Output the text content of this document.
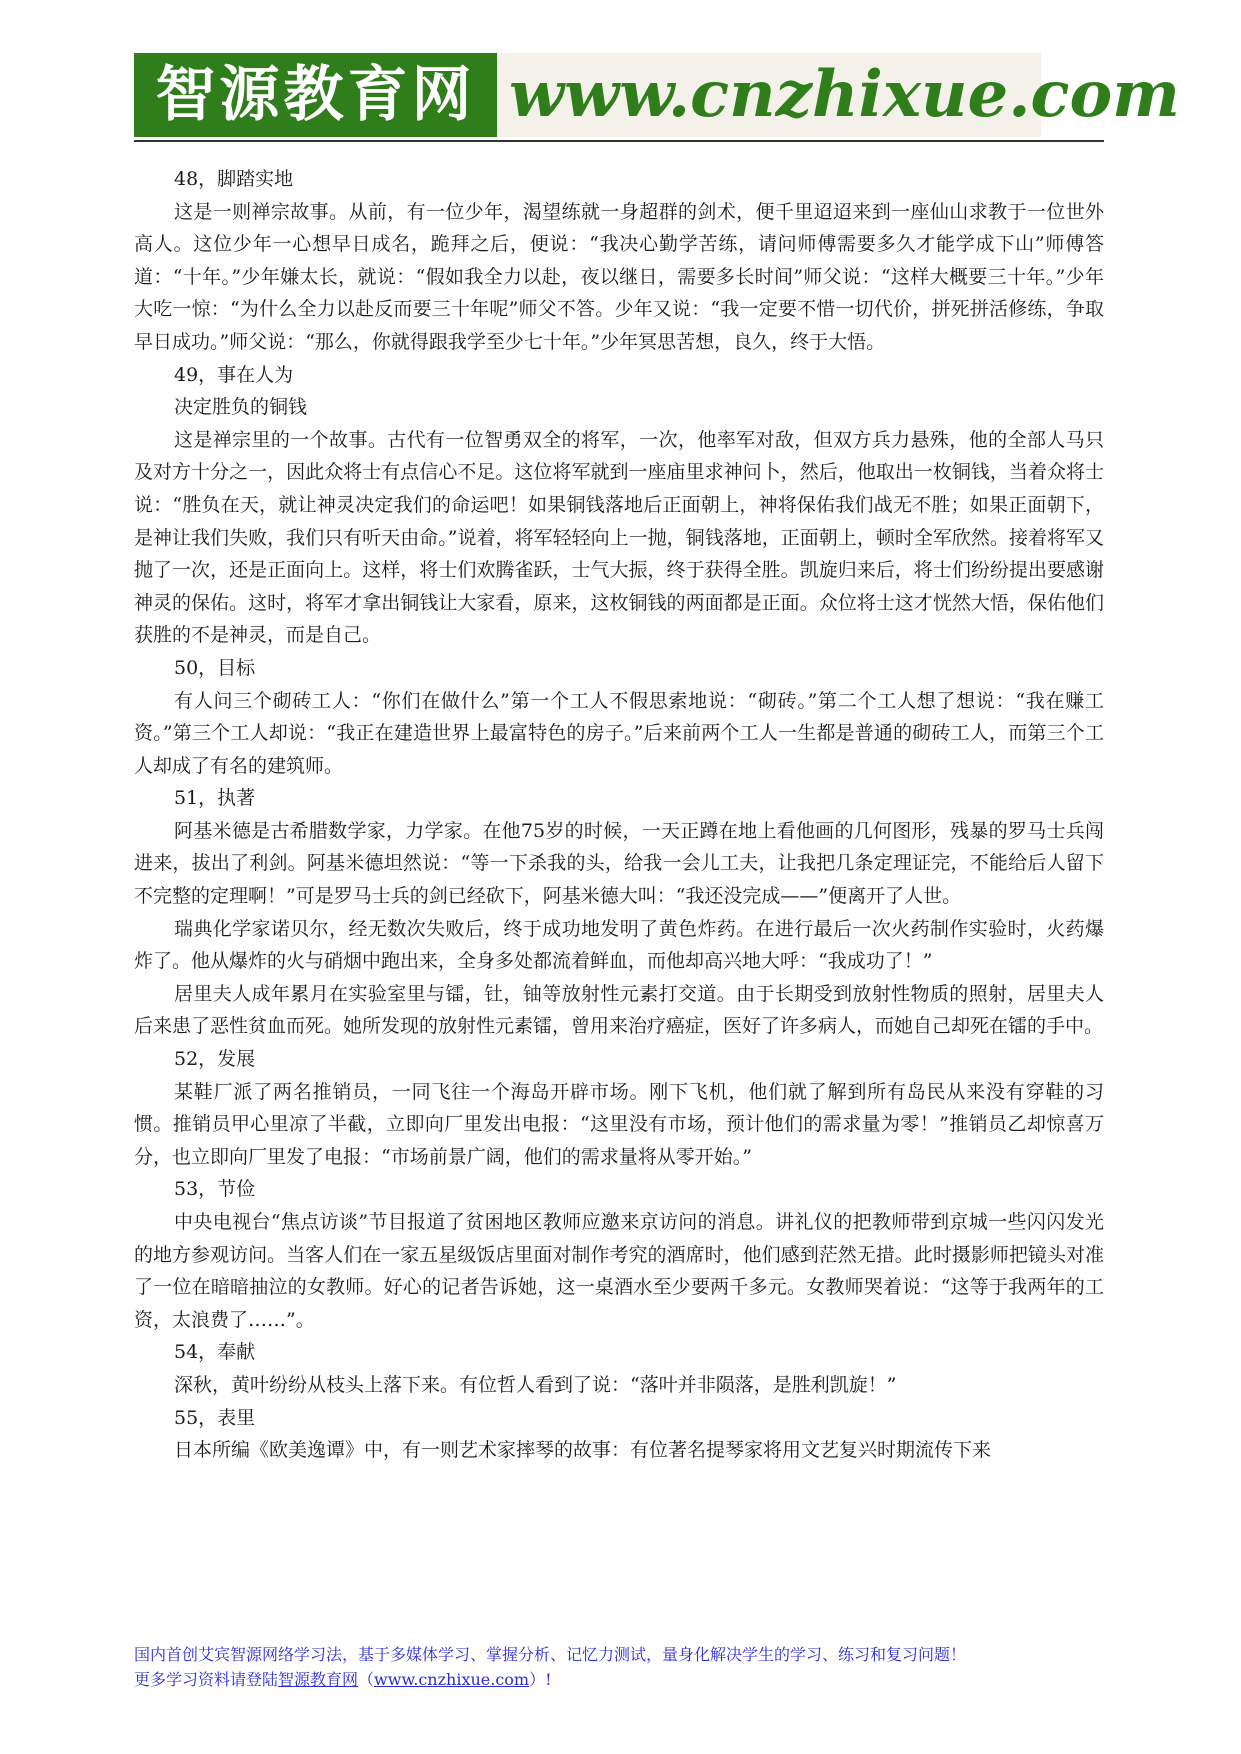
智源教育网 www.cnzhixue.com

48，脚踏实地

这是一则禅宗故事。从前，有一位少年，渴望练就一身超群的剑术，便千里迢迢来到一座仙山求教于一位世外高人。这位少年一心想早日成名，跪拜之后，便说：“我决心勤学苦练，请问师傅需要多久才能学成下山”师傅答道：“十年。”少年嫌太长，就说：“假如我全力以赴，夜以继日，需要多长时间”师父说：“这样大概要三十年。”少年大吃一惊：“为什么全力以赴反而要三十年呢”师父不答。少年又说：“我一定要不惜一切代价，拼死拼活修练，争取早日成功。”师父说：“那么，你就得跟我学至少七十年。”少年冥思苦想，良久，终于大悟。

49，事在人为

决定胜负的铜钱

这是禅宗里的一个故事。古代有一位智勇双全的将军，一次，他率军对敌，但双方兵力悬殊，他的全部人马只及对方十分之一，因此众将士有点信心不足。这位将军就到一座庙里求神问卜，然后，他取出一枚铜钱，当着众将士说：“胜负在天，就让神灵决定我们的命运吧！如果铜钱落地后正面朝上，神将保佑我们战无不胜；如果正面朝下，是神让我们失败，我们只有听天由命。”说着，将军轻轻向上一抛，铜钱落地，正面朝上，顿时全军欣然。接着将军又抛了一次，还是正面向上。这样，将士们欢腾雀跃，士气大振，终于获得全胜。凯旋归来后，将士们纷纷提出要感谢神灵的保佑。这时，将军才拿出铜钱让大家看，原来，这枚铜钱的两面都是正面。众位将士这才恍然大悟，保佑他们获胜的不是神灵，而是自己。

50，目标

有人问三个砌砖工人：“你们在做什么”第一个工人不假思索地说：“砌砖。”第二个工人想了想说：“我在赚工资。”第三个工人却说：“我正在建造世界上最富特色的房子。”后来前两个工人一生都是普通的砌砖工人，而第三个工人却成了有名的建筑师。

51，执著

阿基米德是古希腊数学家，力学家。在他75岁的时候，一天正蹲在地上看他画的几何图形，残暴的罗马士兵闯进来，拔出了利剑。阿基米德坦然说：“等一下杀我的头，给我一会儿工夫，让我把几条定理证完，不能给后人留下不完整的定理啊！”可是罗马士兵的剑已经砍下，阿基米德大叫：“我还没完成——”便离开了人世。

瑞典化学家诺贝尔，经无数次失败后，终于成功地发明了黄色炸药。在进行最后一次火药制作实验时，火药爆炸了。他从爆炸的火与硝烟中跑出来，全身多处都流着鲜血，而他却高兴地大呼：“我成功了！”

居里夫人成年累月在实验室里与镭，钍，铀等放射性元素打交道。由于长期受到放射性物质的照射，居里夫人后来患了恶性贫血而死。她所发现的放射性元素镭，曾用来治疗癌症，医好了许多病人，而她自己却死在镭的手中。

52，发展

某鞋厂派了两名推销员，一同飞往一个海岛开辟市场。刚下飞机，他们就了解到所有岛民从来没有穿鞋的习惯。推销员甲心里凉了半截，立即向厂里发出电报：“这里没有市场，预计他们的需求量为零！”推销员乙却惊喜万分，也立即向厂里发了电报：“市场前景广阔，他们的需求量将从零开始。”

53，节俭

中央电视台“焦点访谈”节目报道了贫困地区教师应邀来京访问的消息。讲礼仪的把教师带到京城一些闪闪发光的地方参观访问。当客人们在一家五星级饭店里面对制作考究的酒席时，他们感到茫然无措。此时摄影师把镜头对准了一位在暗暗抽泣的女教师。好心的记者告诉她，这一桌酒水至少要两千多元。女教师哭着说：“这等于我两年的工资，太浪费了……”。

54，奉献

深秋，黄叶纷纷从枝头上落下来。有位哲人看到了说：“落叶并非陨落，是胜利凯旋！”

55，表里

日本所编《欧美逸谭》中，有一则艺术家摔琴的故事：有位著名提琴家将用文艺复兴时期流传下来

国内首创艾宾智源网络学习法，基于多媒体学习、掌握分析、记忆力测试，量身化解决学生的学习、练习和复习问题！

更多学习资料请登陆智源教育网（www.cnzhixue.com）!
